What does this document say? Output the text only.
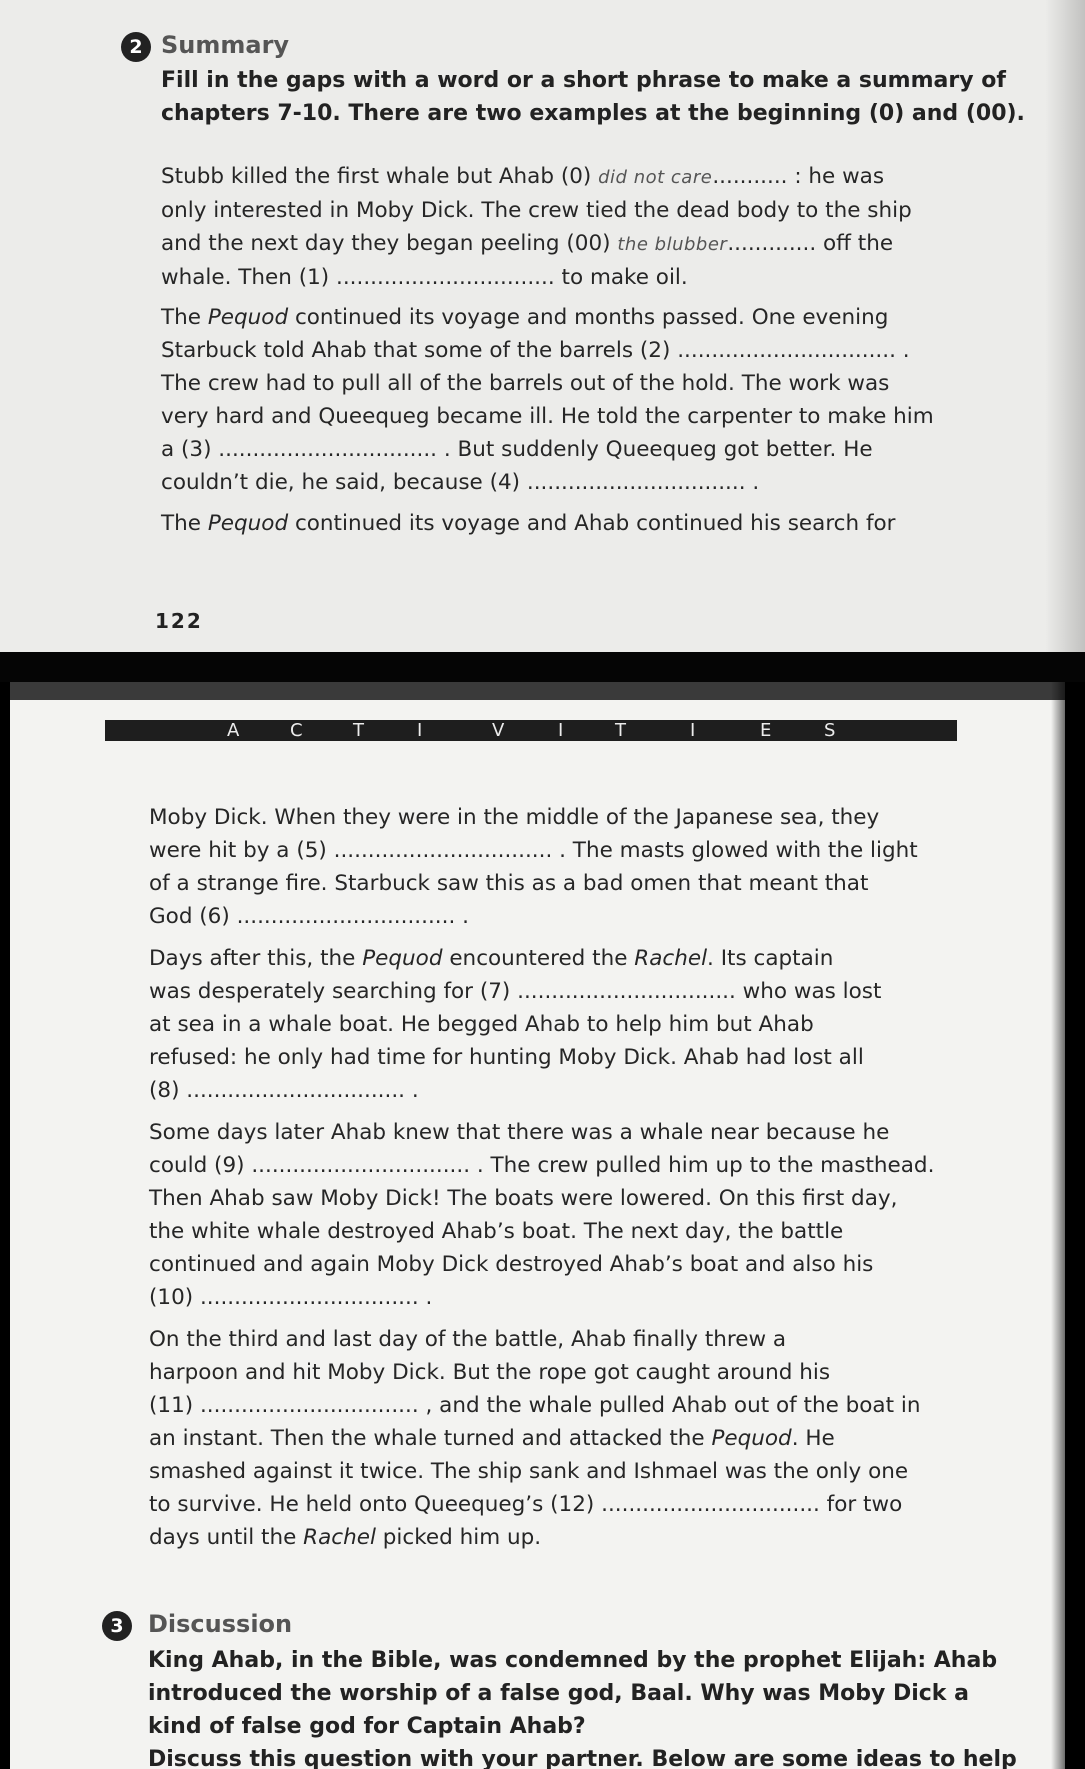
2 Summary
Fill in the gaps with a word or a short phrase to make a summary of
chapters 7-10. There are two examples at the beginning (0) and (00).
Stubb killed the first whale but Ahab (0) did not care........... : he was
only interested in Moby Dick. The crew tied the dead body to the ship
and the next day they began peeling (00) the blubber............. off the
whale. Then (1) ................................ to make oil.
The Pequod continued its voyage and months passed. One evening
Starbuck told Ahab that some of the barrels (2) ................................ .
The crew had to pull all of the barrels out of the hold. The work was
very hard and Queequeg became ill. He told the carpenter to make him
a (3) ................................ . But suddenly Queequeg got better. He
couldn’t die, he said, because (4) ................................ .
The Pequod continued its voyage and Ahab continued his search for
122
A	C	T	I	V	I	T	I	E	S
Moby Dick. When they were in the middle of the Japanese sea, they
were hit by a (5) ................................ . The masts glowed with the light
of a strange fire. Starbuck saw this as a bad omen that meant that
God (6) ................................ .
Days after this, the Pequod encountered the Rachel. Its captain
was desperately searching for (7) ................................ who was lost
at sea in a whale boat. He begged Ahab to help him but Ahab
refused: he only had time for hunting Moby Dick. Ahab had lost all
(8) ................................ .
Some days later Ahab knew that there was a whale near because he
could (9) ................................ . The crew pulled him up to the masthead.
Then Ahab saw Moby Dick! The boats were lowered. On this first day,
the white whale destroyed Ahab’s boat. The next day, the battle
continued and again Moby Dick destroyed Ahab’s boat and also his
(10) ................................ .
On the third and last day of the battle, Ahab finally threw a
harpoon and hit Moby Dick. But the rope got caught around his
(11) ................................ , and the whale pulled Ahab out of the boat in
an instant. Then the whale turned and attacked the Pequod. He
smashed against it twice. The ship sank and Ishmael was the only one
to survive. He held onto Queequeg’s (12) ................................ for two
days until the Rachel picked him up.
3	Discussion
King Ahab, in the Bible, was condemned by the prophet Elijah: Ahab
introduced the worship of a false god, Baal. Why was Moby Dick a
kind of false god for Captain Ahab?
Discuss this question with your partner. Below are some ideas to help
